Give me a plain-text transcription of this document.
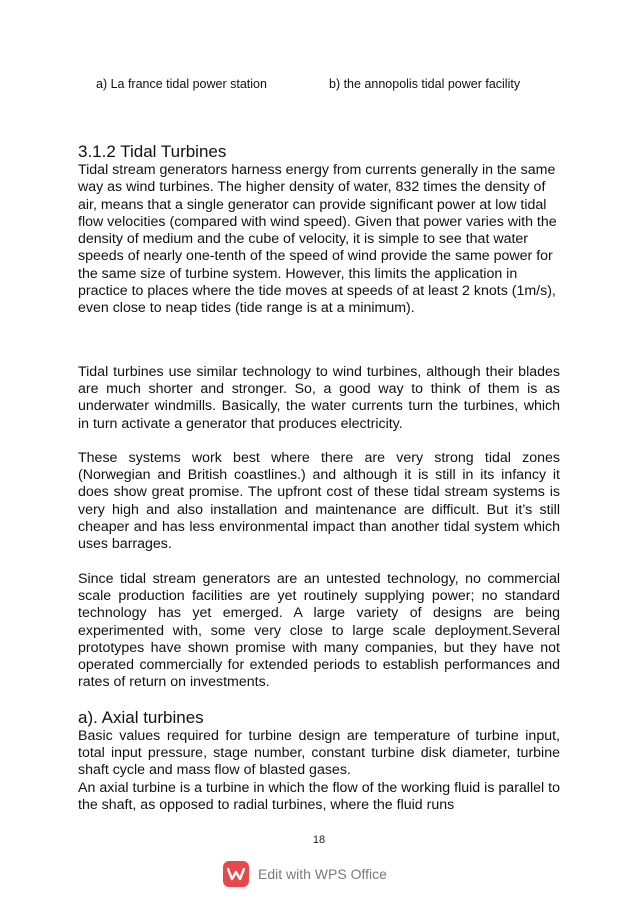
a) La france tidal power station	b) the annopolis tidal power facility
3.1.2 Tidal Turbines

Tidal stream generators harness energy from currents generally in the same way as wind turbines. The higher density of water, 832 times the density of air, means that a single generator can provide significant power at low tidal flow velocities (compared with wind speed). Given that power varies with the density of medium and the cube of velocity, it is simple to see that water speeds of nearly one-tenth of the speed of wind provide the same power for the same size of turbine system. However, this limits the application in practice to places where the tide moves at speeds of at least 2 knots (1m/s), even close to neap tides (tide range is at a minimum).

Tidal turbines use similar technology to wind turbines, although their blades are much shorter and stronger. So, a good way to think of them is as underwater windmills. Basically, the water currents turn the turbines, which in turn activate a generator that produces electricity.

These systems work best where there are very strong tidal zones (Norwegian and British coastlines.) and although it is still in its infancy it does show great promise. The upfront cost of these tidal stream systems is very high and also installation and maintenance are difficult. But it’s still cheaper and has less environmental impact than another tidal system which uses barrages.

Since tidal stream generators are an untested technology, no commercial scale production facilities are yet routinely supplying power; no standard technology has yet emerged. A large variety of designs are being experimented with, some very close to large scale deployment.Several prototypes have shown promise with many companies, but they have not operated commercially for extended periods to establish performances and rates of return on investments.

a). Axial turbines

Basic values required for turbine design are temperature of turbine input, total input pressure, stage number, constant turbine disk diameter, turbine shaft cycle and mass flow of blasted gases.

An axial turbine is a turbine in which the flow of the working fluid is parallel to the shaft, as opposed to radial turbines, where the fluid runs

18
Edit with WPS Office
